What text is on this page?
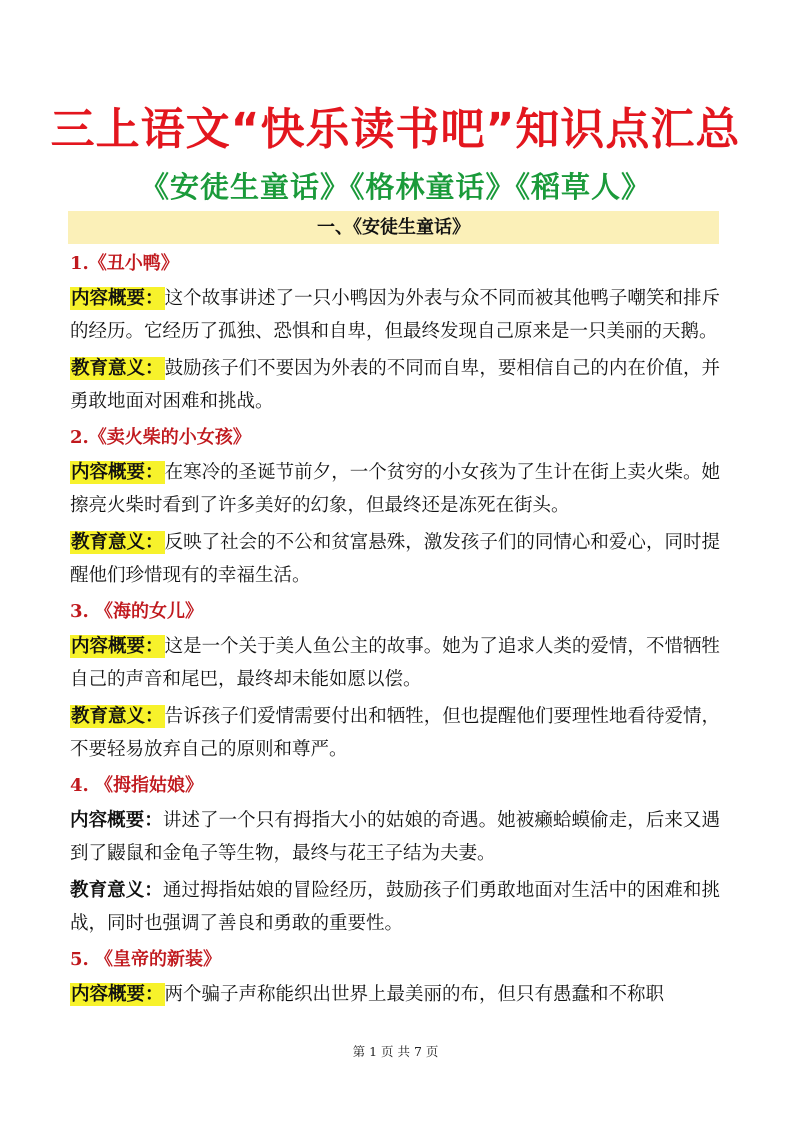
三上语文“快乐读书吧”知识点汇总
《安徒生童话》《格林童话》《稻草人》
一、《安徒生童话》
1.《丑小鸭》

内容概要：这个故事讲述了一只小鸭因为外表与众不同而被其他鸭子嘲笑和排斥的经历。它经历了孤独、恐惧和自卑，但最终发现自己原来是一只美丽的天鹅。

教育意义：鼓励孩子们不要因为外表的不同而自卑，要相信自己的内在价值，并勇敢地面对困难和挑战。

2.《卖火柴的小女孩》

内容概要：在寒冷的圣诞节前夕，一个贫穷的小女孩为了生计在街上卖火柴。她擦亮火柴时看到了许多美好的幻象，但最终还是冻死在街头。

教育意义：反映了社会的不公和贫富悬殊，激发孩子们的同情心和爱心，同时提醒他们珍惜现有的幸福生活。

3. 《海的女儿》

内容概要：这是一个关于美人鱼公主的故事。她为了追求人类的爱情，不惜牺牲自己的声音和尾巴，最终却未能如愿以偿。

教育意义：告诉孩子们爱情需要付出和牺牲，但也提醒他们要理性地看待爱情，不要轻易放弃自己的原则和尊严。

4. 《拇指姑娘》

内容概要：讲述了一个只有拇指大小的姑娘的奇遇。她被癞蛤蟆偷走，后来又遇到了鼹鼠和金龟子等生物，最终与花王子结为夫妻。

教育意义：通过拇指姑娘的冒险经历，鼓励孩子们勇敢地面对生活中的困难和挑战，同时也强调了善良和勇敢的重要性。

5. 《皇帝的新装》

内容概要：两个骗子声称能织出世界上最美丽的布，但只有愚蠢和不称职

第 1 页 共 7 页
